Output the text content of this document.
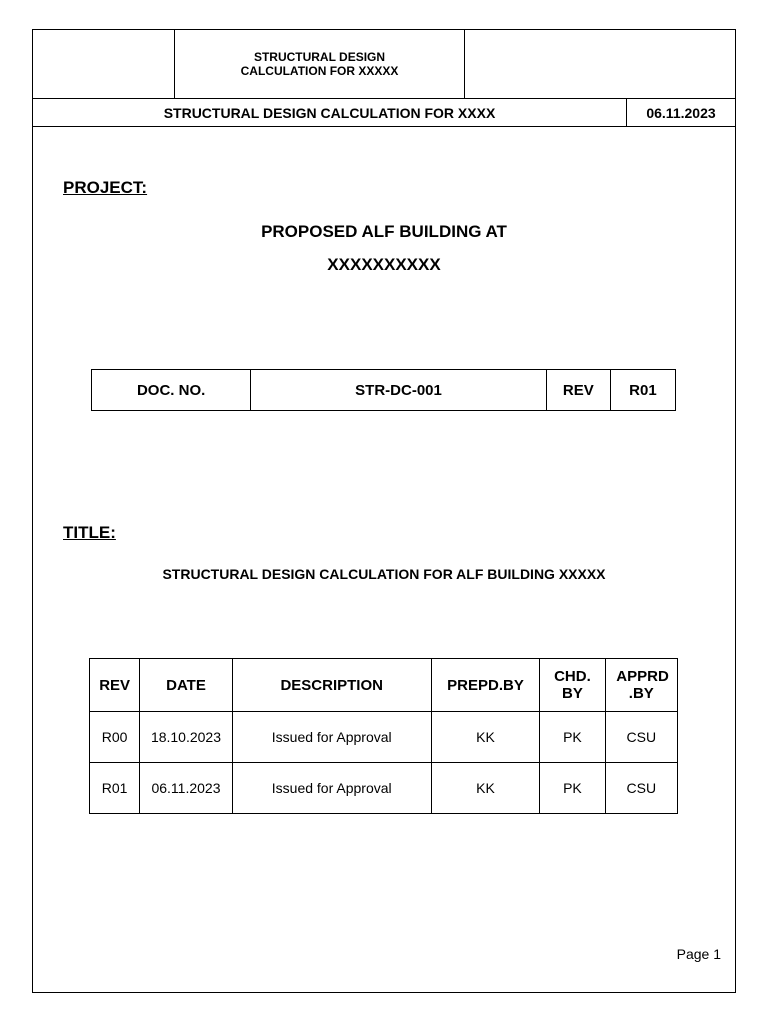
STRUCTURAL DESIGN
CALCULATION FOR XXXXX
STRUCTURAL DESIGN CALCULATION FOR XXXX	06.11.2023
PROJECT:
PROPOSED ALF BUILDING AT
XXXXXXXXXX
DOC. NO.	STR-DC-001	REV	R01
TITLE:
STRUCTURAL DESIGN CALCULATION FOR ALF BUILDING XXXXX
REV	DATE	DESCRIPTION	PREPD.BY	CHD. BY	APPRD .BY
R00	18.10.2023	Issued for Approval	KK	PK	CSU
R01	06.11.2023	Issued for Approval	KK	PK	CSU
Page 1
